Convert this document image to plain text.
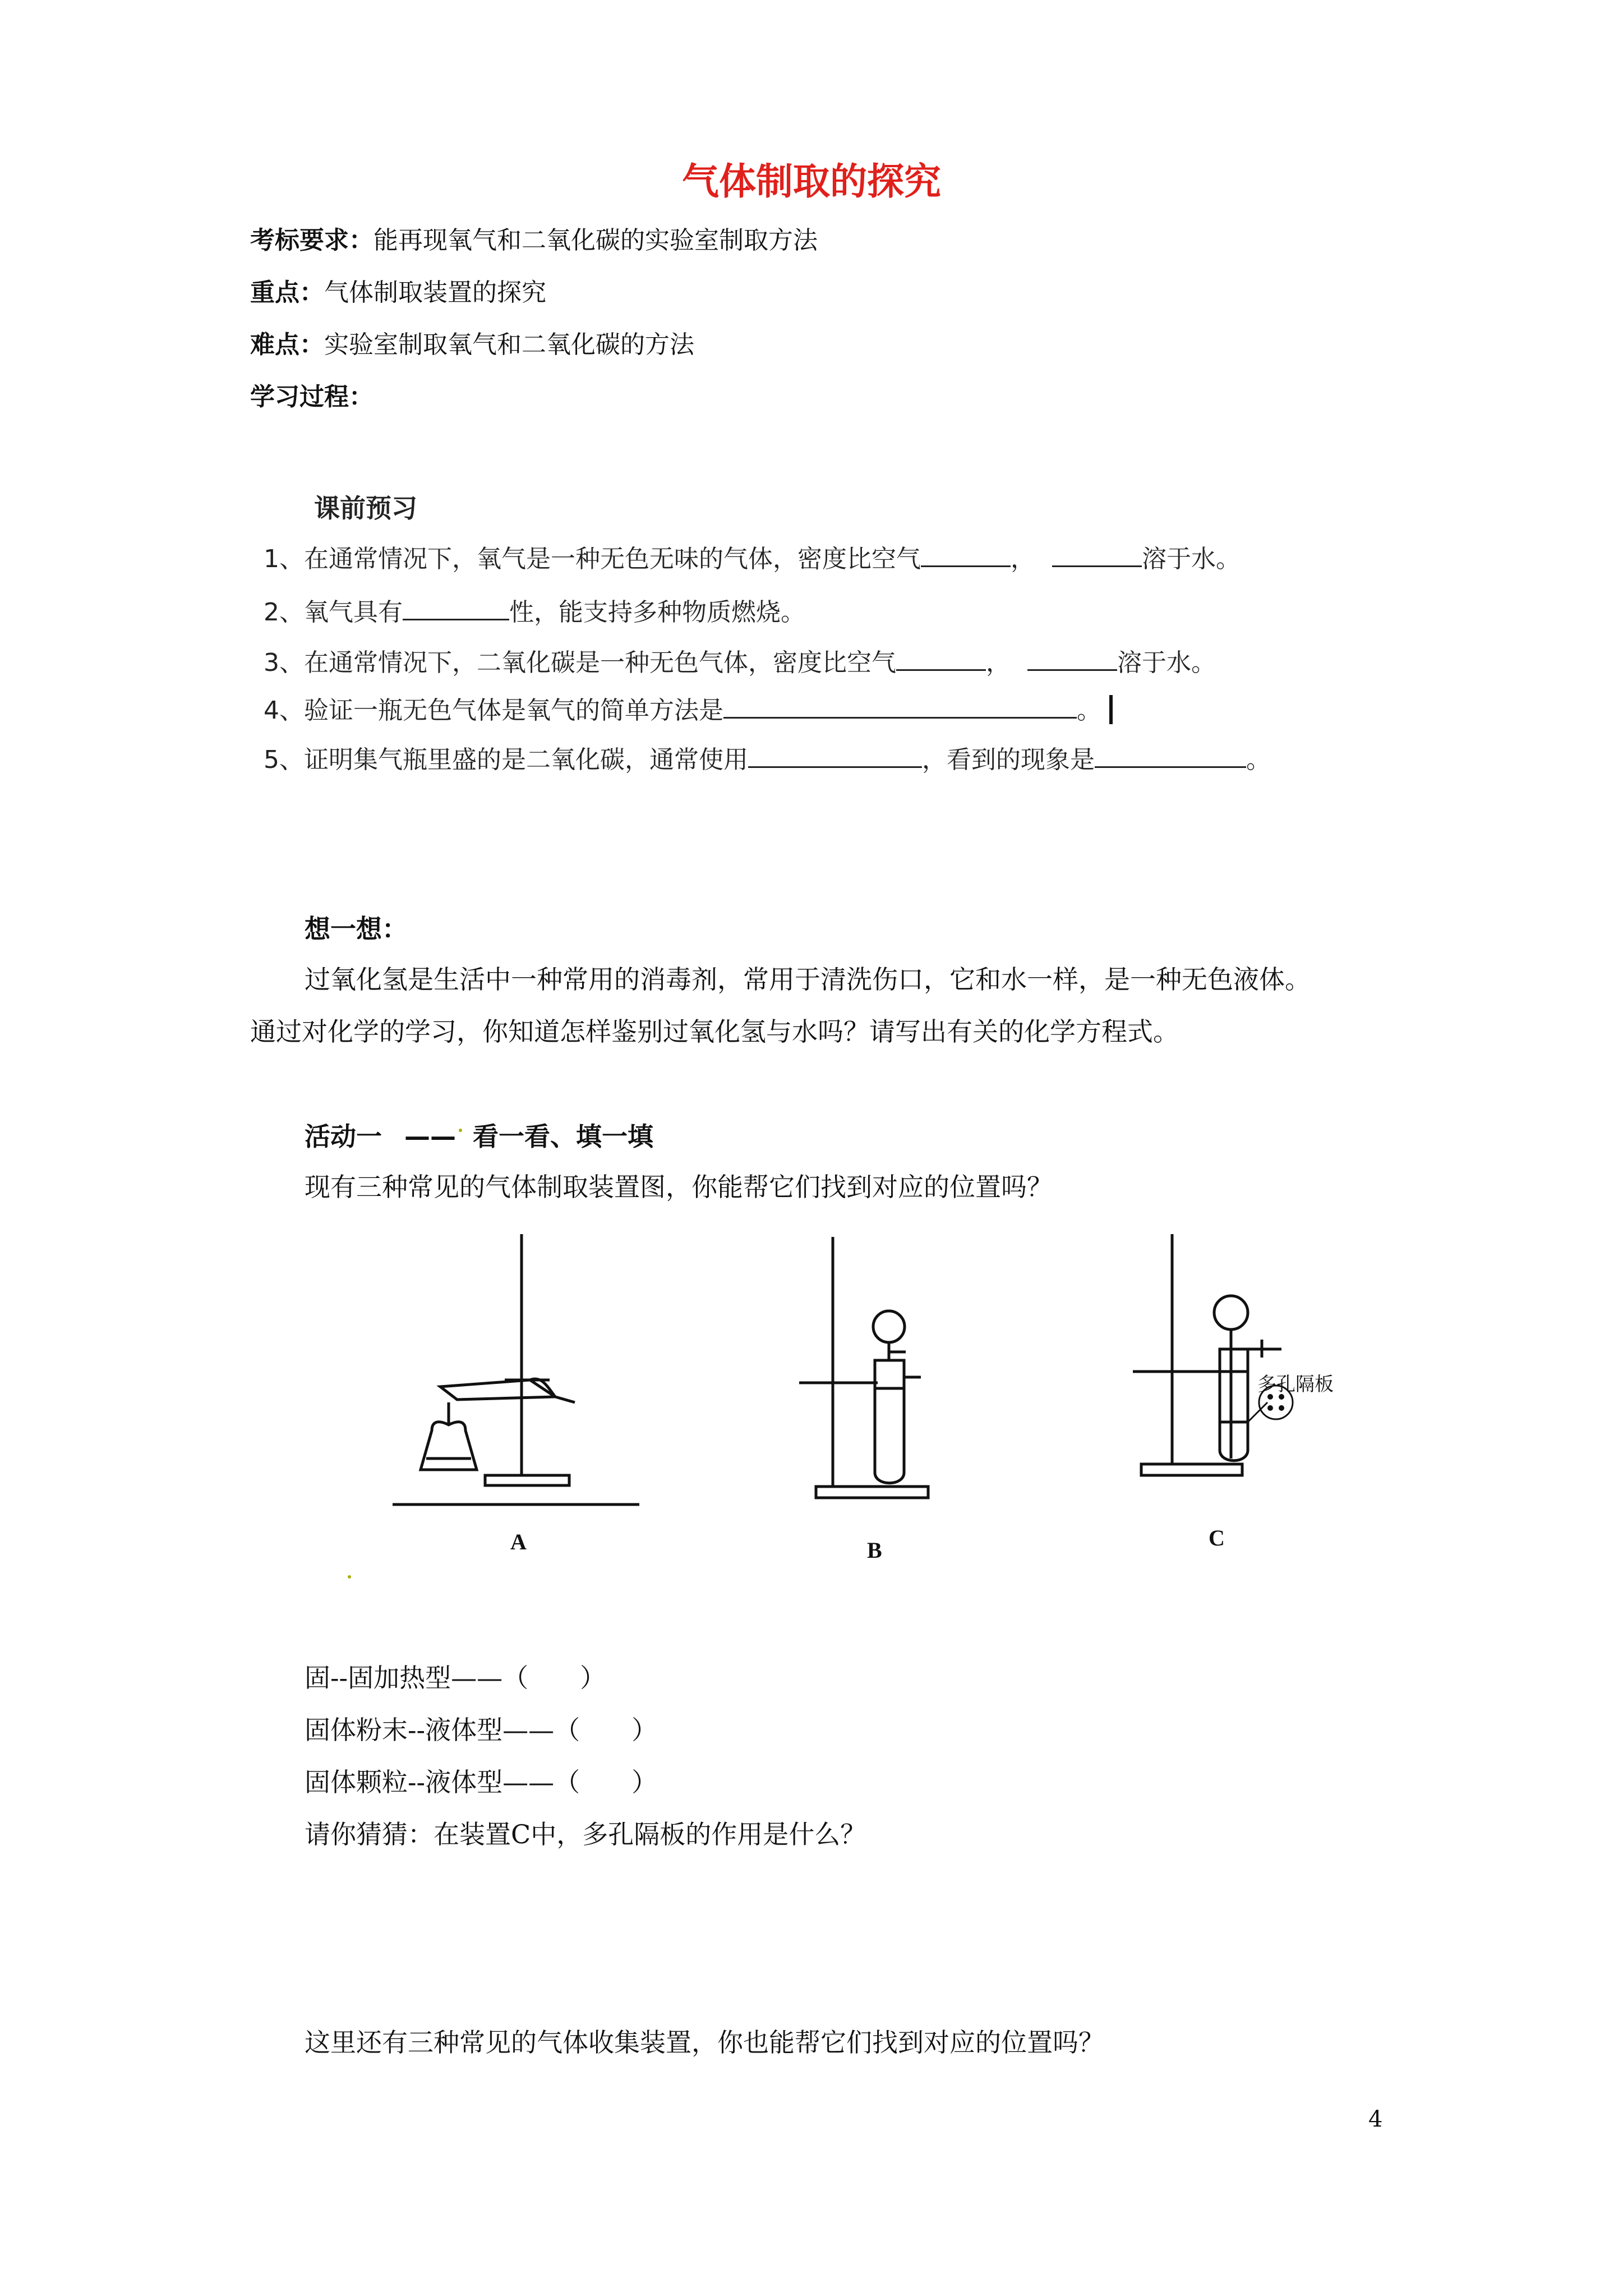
气体制取的探究
考标要求：能再现氧气和二氧化碳的实验室制取方法
重点：气体制取装置的探究
难点：实验室制取氧气和二氧化碳的方法
学习过程：
课前预习
1、在通常情况下，氧气是一种无色无味的气体，密度比空气	，	溶于水。
2、氧气具有	性，能支持多种物质燃烧。
3、在通常情况下，二氧化碳是一种无色气体，密度比空气	，	溶于水。
4、验证一瓶无色气体是氧气的简单方法是	。
5、证明集气瓶里盛的是二氧化碳，通常使用	，看到的现象是	。
想一想：
过氧化氢是生活中一种常用的消毒剂，常用于清洗伤口，它和水一样，是一种无色液体。
通过对化学的学习，你知道怎样鉴别过氧化氢与水吗？请写出有关的化学方程式。
活动一 —— 看一看、填一填
现有三种常见的气体制取装置图，你能帮它们找到对应的位置吗？
A	B
多孔隔板
C
固--固加热型——（　　）
固体粉末--液体型——（　　）
固体颗粒--液体型——（　　）
请你猜猜：在装置C中，多孔隔板的作用是什么？
这里还有三种常见的气体收集装置，你也能帮它们找到对应的位置吗？
4
